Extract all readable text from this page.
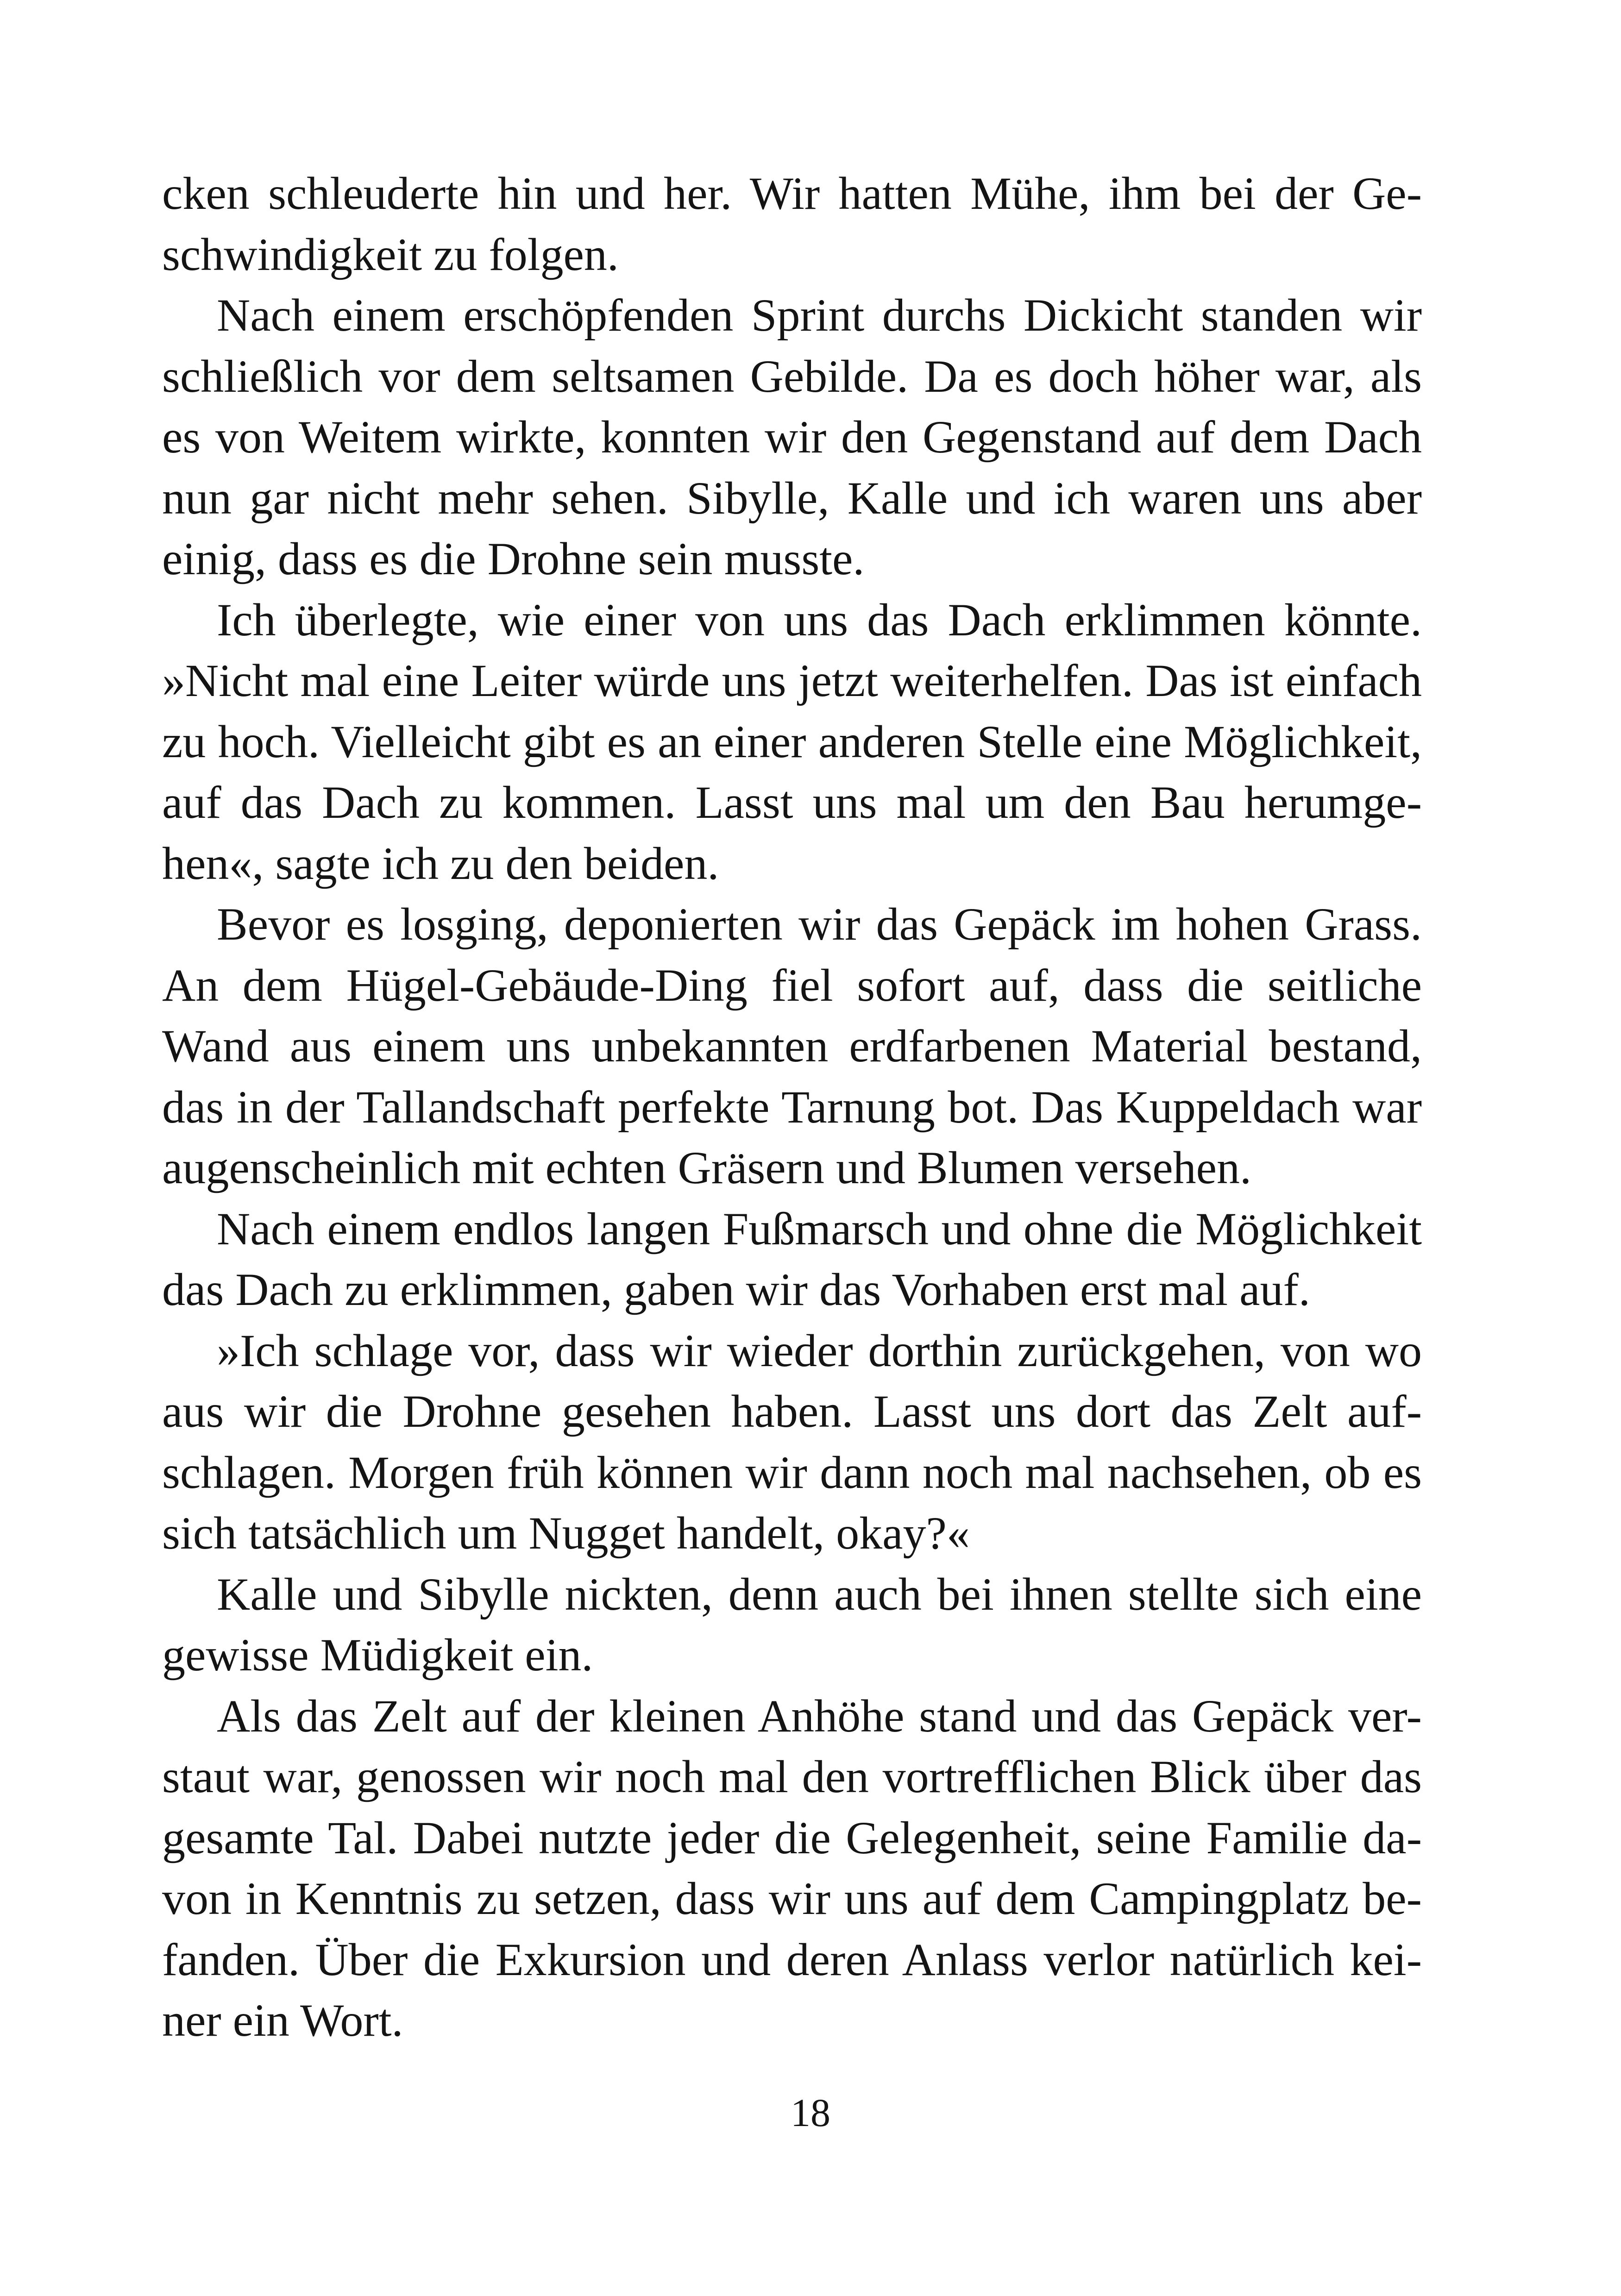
cken schleuderte hin und her. Wir hatten Mühe, ihm bei der Ge-
schwindigkeit zu folgen.
Nach einem erschöpfenden Sprint durchs Dickicht standen wir
schließlich vor dem seltsamen Gebilde. Da es doch höher war, als
es von Weitem wirkte, konnten wir den Gegenstand auf dem Dach
nun gar nicht mehr sehen. Sibylle, Kalle und ich waren uns aber
einig, dass es die Drohne sein musste.
Ich überlegte, wie einer von uns das Dach erklimmen könnte.
»Nicht mal eine Leiter würde uns jetzt weiterhelfen. Das ist einfach
zu hoch. Vielleicht gibt es an einer anderen Stelle eine Möglichkeit,
auf das Dach zu kommen. Lasst uns mal um den Bau herumge-
hen«, sagte ich zu den beiden.
Bevor es losging, deponierten wir das Gepäck im hohen Grass.
An dem Hügel-Gebäude-Ding fiel sofort auf, dass die seitliche
Wand aus einem uns unbekannten erdfarbenen Material bestand,
das in der Tallandschaft perfekte Tarnung bot. Das Kuppeldach war
augenscheinlich mit echten Gräsern und Blumen versehen.
Nach einem endlos langen Fußmarsch und ohne die Möglichkeit
das Dach zu erklimmen, gaben wir das Vorhaben erst mal auf.
»Ich schlage vor, dass wir wieder dorthin zurückgehen, von wo
aus wir die Drohne gesehen haben. Lasst uns dort das Zelt auf-
schlagen. Morgen früh können wir dann noch mal nachsehen, ob es
sich tatsächlich um Nugget handelt, okay?«
Kalle und Sibylle nickten, denn auch bei ihnen stellte sich eine
gewisse Müdigkeit ein.
Als das Zelt auf der kleinen Anhöhe stand und das Gepäck ver-
staut war, genossen wir noch mal den vortrefflichen Blick über das
gesamte Tal. Dabei nutzte jeder die Gelegenheit, seine Familie da-
von in Kenntnis zu setzen, dass wir uns auf dem Campingplatz be-
fanden. Über die Exkursion und deren Anlass verlor natürlich kei-
ner ein Wort.
18
